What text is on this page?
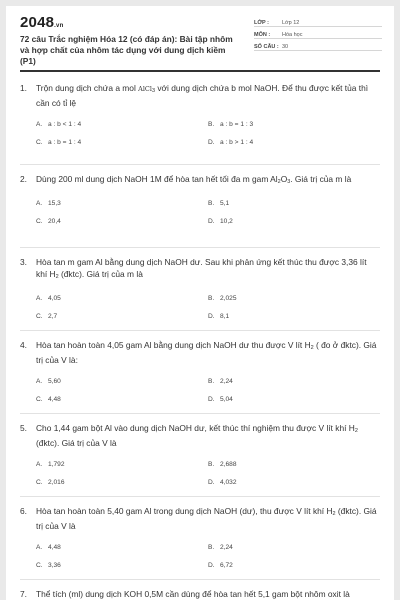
2048.vn
72 câu Trắc nghiệm Hóa 12 (có đáp án): Bài tập nhôm và hợp chất của nhôm tác dụng với dung dịch kiềm (P1)
LỚP :	Lớp 12
MÔN :	Hóa học
SỐ CÂU : 30
1.	Trộn dung dịch chứa a mol AlCl3 với dung dịch chứa b mol NaOH. Để thu được kết tủa thì cần có tỉ lệ
A. a : b < 1 : 4	B. a : b = 1 : 3
C. a : b = 1 : 4	D. a : b > 1 : 4
2.	Dùng 200 ml dung dịch NaOH 1M để hòa tan hết tối đa m gam Al2O3. Giá trị của m là
A. 15,3	B. 5,1
C. 20,4	D. 10,2
3.	Hòa tan m gam Al bằng dung dịch NaOH dư. Sau khi phản ứng kết thúc thu được 3,36 lít khí H2 (đktc). Giá trị của m là
A. 4,05	B. 2,025
C. 2,7	D. 8,1
4.	Hòa tan hoàn toàn 4,05 gam Al bằng dung dịch NaOH dư thu được V lít H2 ( đo ở đktc). Giá trị của V là:
A. 5,60	B. 2,24
C. 4,48	D. 5,04
5.	Cho 1,44 gam bột Al vào dung dịch NaOH dư, kết thúc thí nghiệm thu được V lít khí H2 (đktc). Giá trị của V là
A. 1,792	B. 2,688
C. 2,016	D. 4,032
6.	Hòa tan hoàn toàn 5,40 gam Al trong dung dịch NaOH (dư), thu được V lít khí H2 (đktc). Giá trị của V là
A. 4,48	B. 2,24
C. 3,36	D. 6,72
7.	Thể tích (ml) dung dịch KOH 0,5M cần dùng để hòa tan hết 5,1 gam bột nhôm oxit là
